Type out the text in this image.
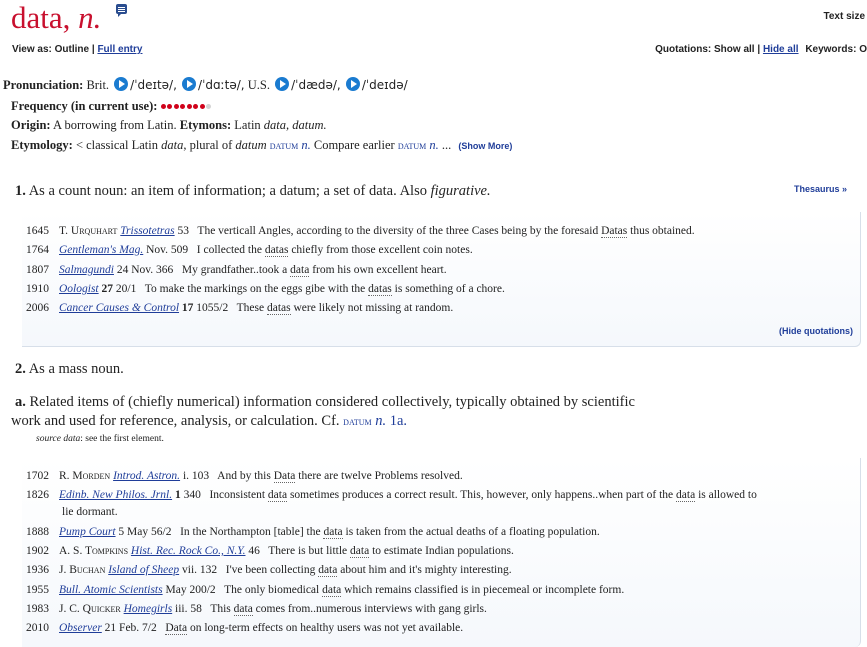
data, n.	Text size
View as: Outline | Full entry	Quotations: Show all | Hide all Keywords: O
Pronunciation: Brit. /ˈdeɪtə/, /ˈdɑːtə/, U.S. /ˈdædə/, /ˈdeɪdə/
Frequency (in current use):
Origin: A borrowing from Latin. Etymons: Latin data, datum.
Etymology: < classical Latin data, plural of datum datum n. Compare earlier datum n. ... (Show More)
1. As a count noun: an item of information; a datum; a set of data. Also figurative.	Thesaurus »
1645 T. Urquhart Trissotetras 53  The verticall Angles, according to the diversity of the three Cases being by the foresaid Datas thus obtained.
1764 Gentleman's Mag. Nov. 509  I collected the datas chiefly from those excellent coin notes.
1807 Salmagundi 24 Nov. 366  My grandfather..took a data from his own excellent heart.
1910 Oologist 27 20/1  To make the markings on the eggs gibe with the datas is something of a chore.
2006 Cancer Causes & Control 17 1055/2  These datas were likely not missing at random.
(Hide quotations)
2. As a mass noun.
a. Related items of (chiefly numerical) information considered collectively, typically obtained by scientific
work and used for reference, analysis, or calculation. Cf. datum n. 1a.
source data: see the first element.
1702 R. Morden Introd. Astron. i. 103  And by this Data there are twelve Problems resolved.
1826 Edinb. New Philos. Jrnl. 1 340  Inconsistent data sometimes produces a correct result. This, however, only happens..when part of the data is allowed to
lie dormant.
1888 Pump Court 5 May 56/2  In the Northampton [table] the data is taken from the actual deaths of a floating population.
1902 A. S. Tompkins Hist. Rec. Rock Co., N.Y. 46  There is but little data to estimate Indian populations.
1936 J. Buchan Island of Sheep vii. 132  I've been collecting data about him and it's mighty interesting.
1955 Bull. Atomic Scientists May 200/2  The only biomedical data which remains classified is in piecemeal or incomplete form.
1983 J. C. Quicker Homegirls iii. 58  This data comes from..numerous interviews with gang girls.
2010 Observer 21 Feb. 7/2  Data on long-term effects on healthy users was not yet available.
